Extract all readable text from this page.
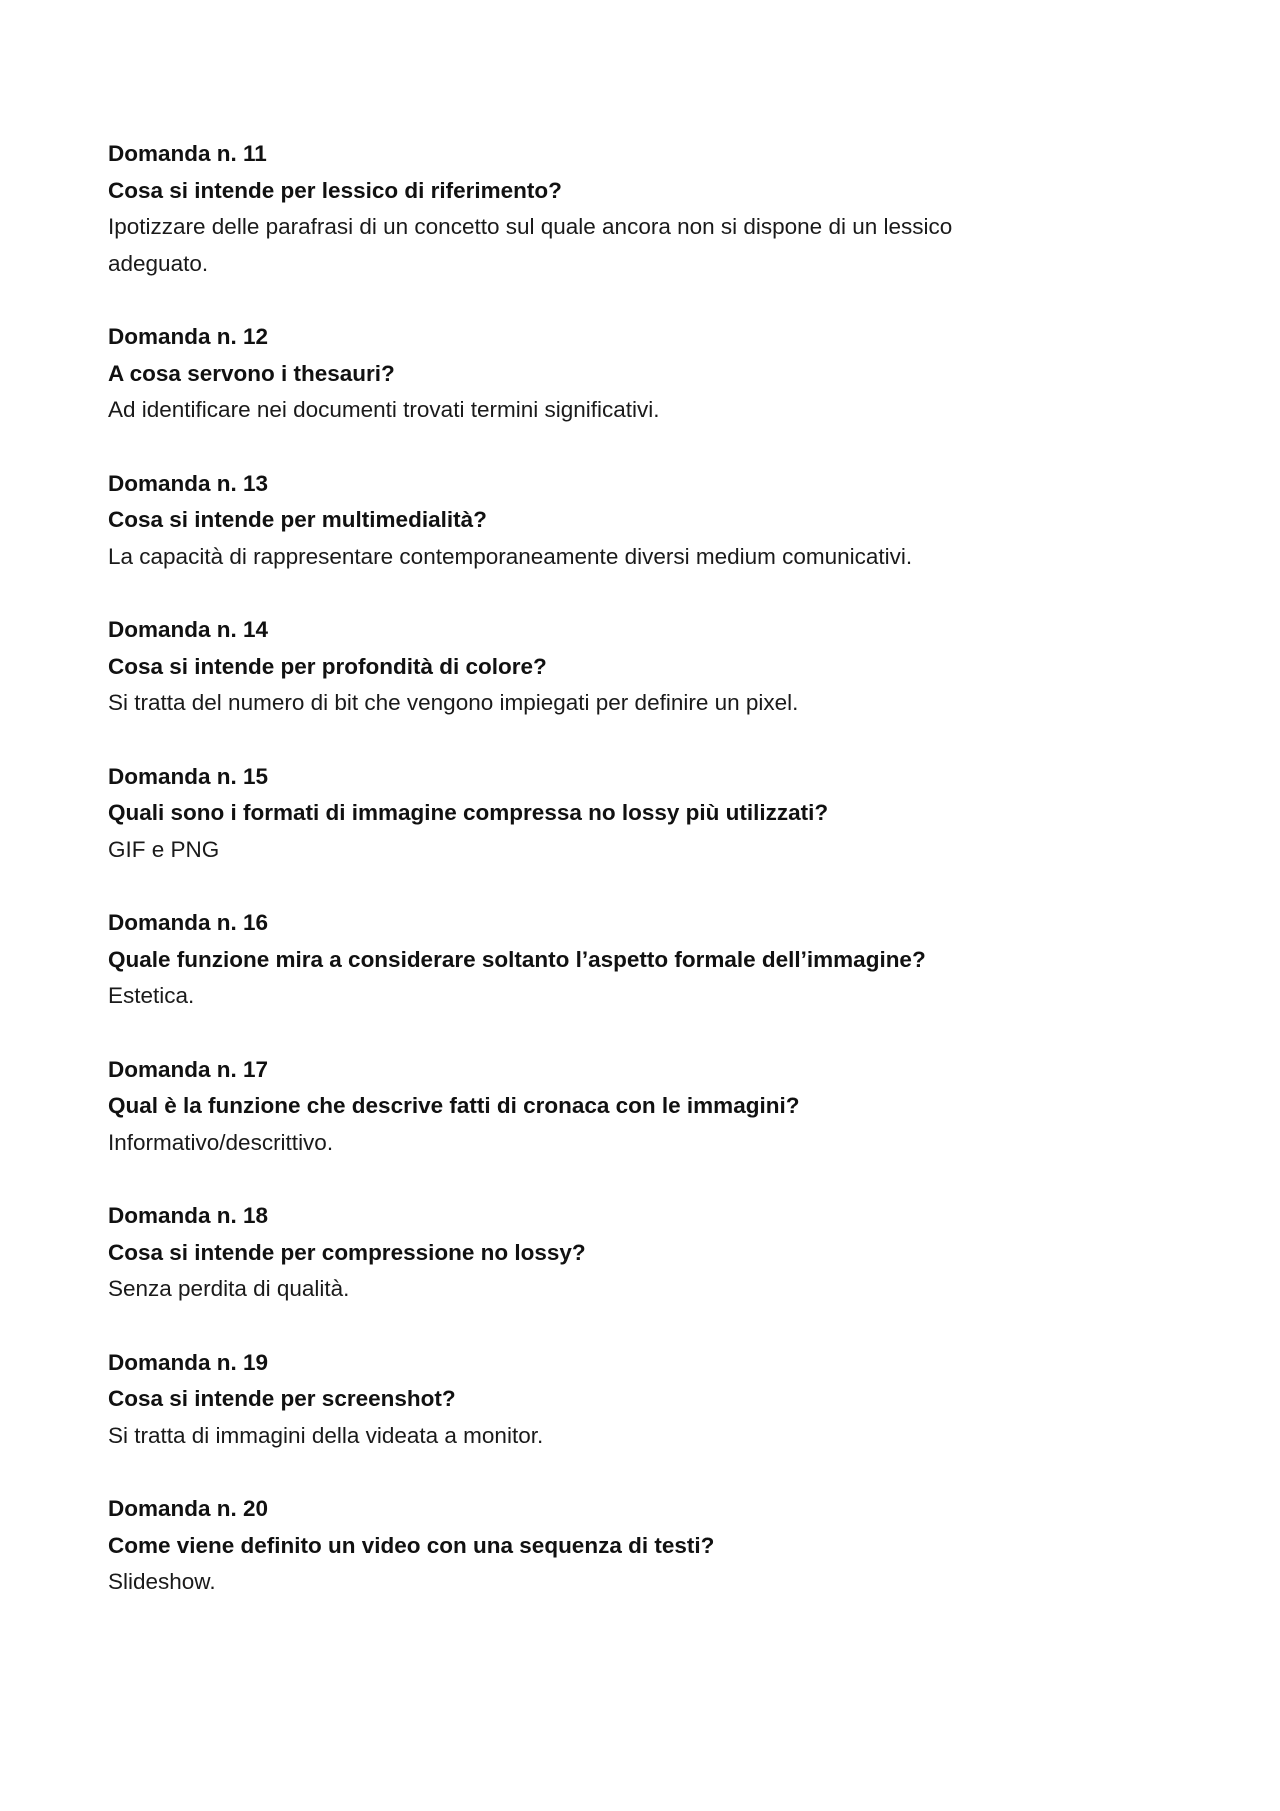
Domanda n. 11

Cosa si intende per lessico di riferimento?

Ipotizzare delle parafrasi di un concetto sul quale ancora non si dispone di un lessico adeguato.

Domanda n. 12

A cosa servono i thesauri?

Ad identificare nei documenti trovati termini significativi.

Domanda n. 13

Cosa si intende per multimedialità?

La capacità di rappresentare contemporaneamente diversi medium comunicativi.

Domanda n. 14

Cosa si intende per profondità di colore?

Si tratta del numero di bit che vengono impiegati per definire un pixel.

Domanda n. 15

Quali sono i formati di immagine compressa no lossy più utilizzati?

GIF e PNG

Domanda n. 16

Quale funzione mira a considerare soltanto l’aspetto formale dell’immagine?

Estetica.

Domanda n. 17

Qual è la funzione che descrive fatti di cronaca con le immagini?

Informativo/descrittivo.

Domanda n. 18

Cosa si intende per compressione no lossy?

Senza perdita di qualità.

Domanda n. 19

Cosa si intende per screenshot?

Si tratta di immagini della videata a monitor.

Domanda n. 20

Come viene definito un video con una sequenza di testi?

Slideshow.
